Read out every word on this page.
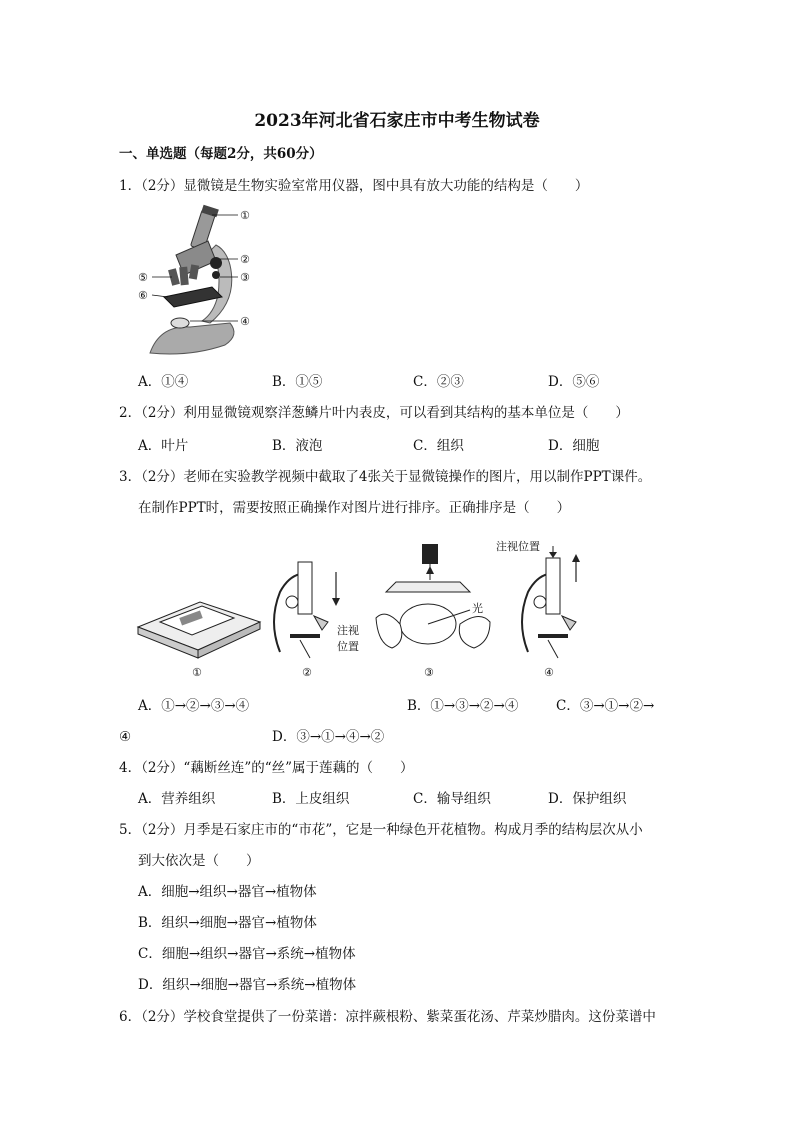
2023年河北省石家庄市中考生物试卷
一、单选题（每题2分，共60分）
1．（2分）显微镜是生物实验室常用仪器，图中具有放大功能的结构是（　　）
①
②
③
④
⑤
⑥
A．①④	B．①⑤	C．②③	D．⑤⑥
2．（2分）利用显微镜观察洋葱鳞片叶内表皮，可以看到其结构的基本单位是（　　）
A．叶片	B．液泡	C．组织	D．细胞
3．（2分）老师在实验教学视频中截取了4张关于显微镜操作的图片，用以制作PPT课件。
在制作PPT时，需要按照正确操作对图片进行排序。正确排序是（　　）
①
注视
位置
②
光
③
注视位置
④
A．①→②→③→④	B．①→③→②→④	C．③→①→②→
④	D．③→①→④→②
4．（2分）“藕断丝连”的“丝”属于莲藕的（　　）
A．营养组织	B．上皮组织	C．输导组织	D．保护组织
5．（2分）月季是石家庄市的“市花”，它是一种绿色开花植物。构成月季的结构层次从小
到大依次是（　　）
A．细胞→组织→器官→植物体
B．组织→细胞→器官→植物体
C．细胞→组织→器官→系统→植物体
D．组织→细胞→器官→系统→植物体
6．（2分）学校食堂提供了一份菜谱：凉拌蕨根粉、紫菜蛋花汤、芹菜炒腊肉。这份菜谱中
